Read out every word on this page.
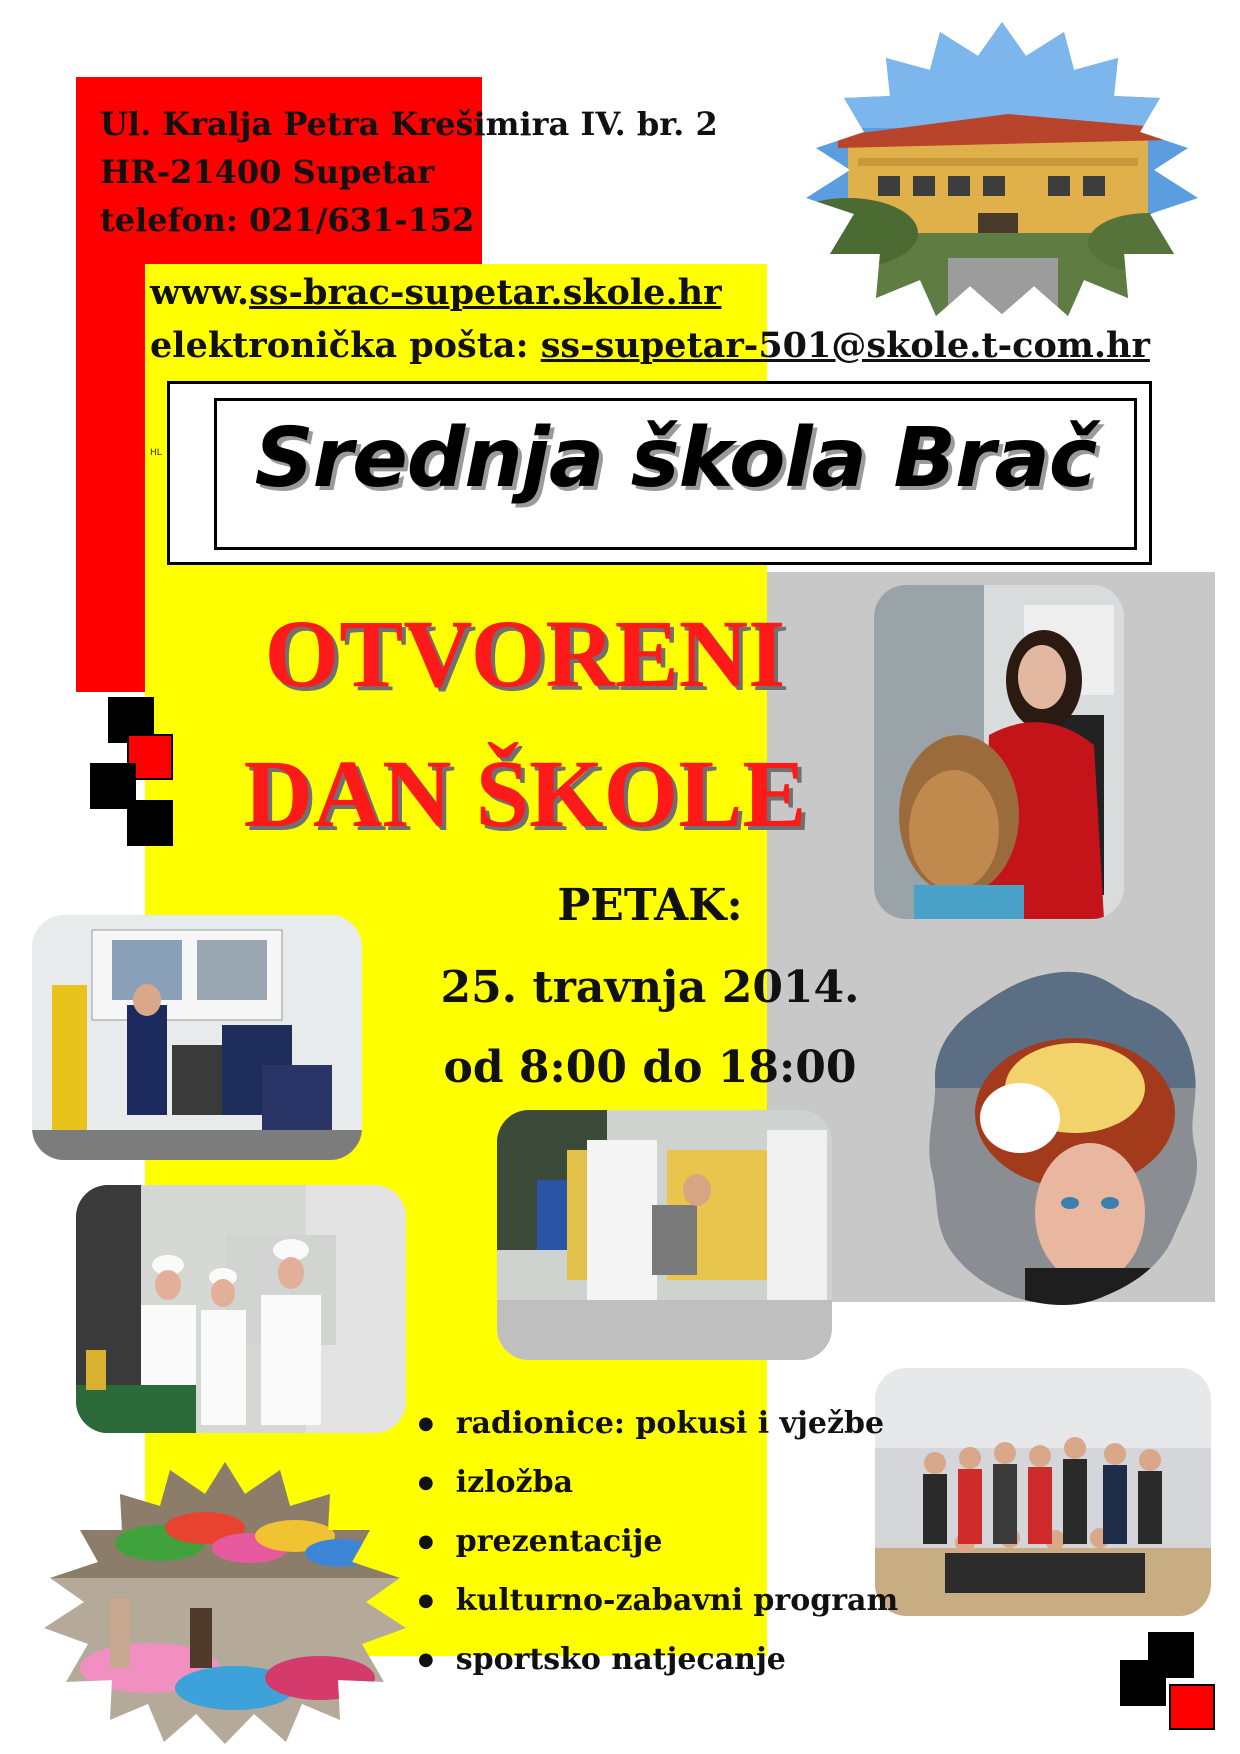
Ul. Kralja Petra Krešimira IV. br. 2
HR-21400 Supetar
telefon: 021/631-152
www.ss-brac-supetar.skole.hr
elektronička pošta: ss-supetar-501@skole.t-com.hr
HL	Srednja škola Brač
OTVORENI
DAN ŠKOLE
PETAK:
25. travnja 2014.
od 8:00 do 18:00
● radionice: pokusi i vježbe
● izložba
● prezentacije
● kulturno-zabavni program
● sportsko natjecanje
